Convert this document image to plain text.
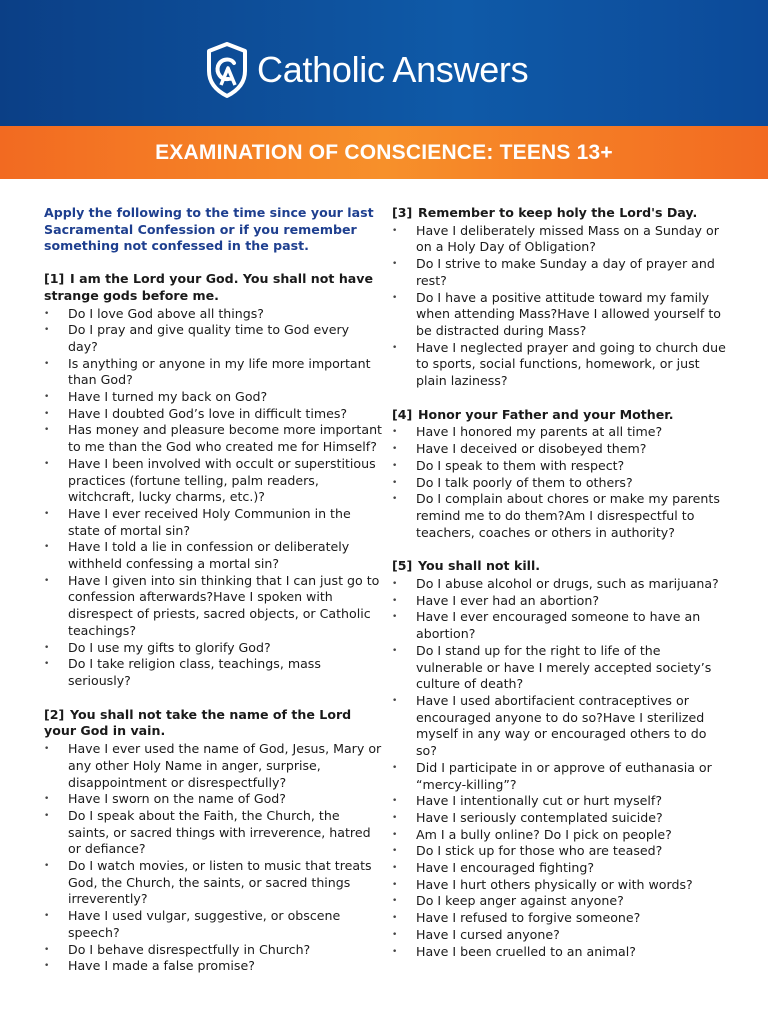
Catholic Answers
EXAMINATION OF CONSCIENCE: TEENS 13+

Apply the following to the time since your last Sacramental Confession or if you remember something not confessed in the past.

[1] I am the Lord your God. You shall not have strange gods before me.
• Do I love God above all things?
• Do I pray and give quality time to God every day?
• Is anything or anyone in my life more important than God?
• Have I turned my back on God?
• Have I doubted God’s love in difficult times?
• Has money and pleasure become more important to me than the God who created me for Himself?
• Have I been involved with occult or superstitious practices (fortune telling, palm readers, witchcraft, lucky charms, etc.)?
• Have I ever received Holy Communion in the state of mortal sin?
• Have I told a lie in confession or deliberately withheld confessing a mortal sin?
• Have I given into sin thinking that I can just go to confession afterwards?Have I spoken with disrespect of priests, sacred objects, or Catholic teachings?
• Do I use my gifts to glorify God?
• Do I take religion class, teachings, mass seriously?
[2] You shall not take the name of the Lord your God in vain.
• Have I ever used the name of God, Jesus, Mary or any other Holy Name in anger, surprise, disappointment or disrespectfully?
• Have I sworn on the name of God?
• Do I speak about the Faith, the Church, the saints, or sacred things with irreverence, hatred or defiance?
• Do I watch movies, or listen to music that treats God, the Church, the saints, or sacred things irreverently?
• Have I used vulgar, suggestive, or obscene speech?
• Do I behave disrespectfully in Church?
• Have I made a false promise?
[3] Remember to keep holy the Lord's Day.
• Have I deliberately missed Mass on a Sunday or on a Holy Day of Obligation?
• Do I strive to make Sunday a day of prayer and rest?
• Do I have a positive attitude toward my family when attending Mass?Have I allowed yourself to be distracted during Mass?
• Have I neglected prayer and going to church due to sports, social functions, homework, or just plain laziness?
[4] Honor your Father and your Mother.
• Have I honored my parents at all time?
• Have I deceived or disobeyed them?
• Do I speak to them with respect?
• Do I talk poorly of them to others?
• Do I complain about chores or make my parents remind me to do them?Am I disrespectful to teachers, coaches or others in authority?
[5] You shall not kill.
• Do I abuse alcohol or drugs, such as marijuana?
• Have I ever had an abortion?
• Have I ever encouraged someone to have an abortion?
• Do I stand up for the right to life of the vulnerable or have I merely accepted society’s culture of death?
• Have I used abortifacient contraceptives or encouraged anyone to do so?Have I sterilized myself in any way or encouraged others to do so?
• Did I participate in or approve of euthanasia or “mercy-killing”?
• Have I intentionally cut or hurt myself?
• Have I seriously contemplated suicide?
• Am I a bully online? Do I pick on people?
• Do I stick up for those who are teased?
• Have I encouraged fighting?
• Have I hurt others physically or with words?
• Do I keep anger against anyone?
• Have I refused to forgive someone?
• Have I cursed anyone?
• Have I been cruelled to an animal?
